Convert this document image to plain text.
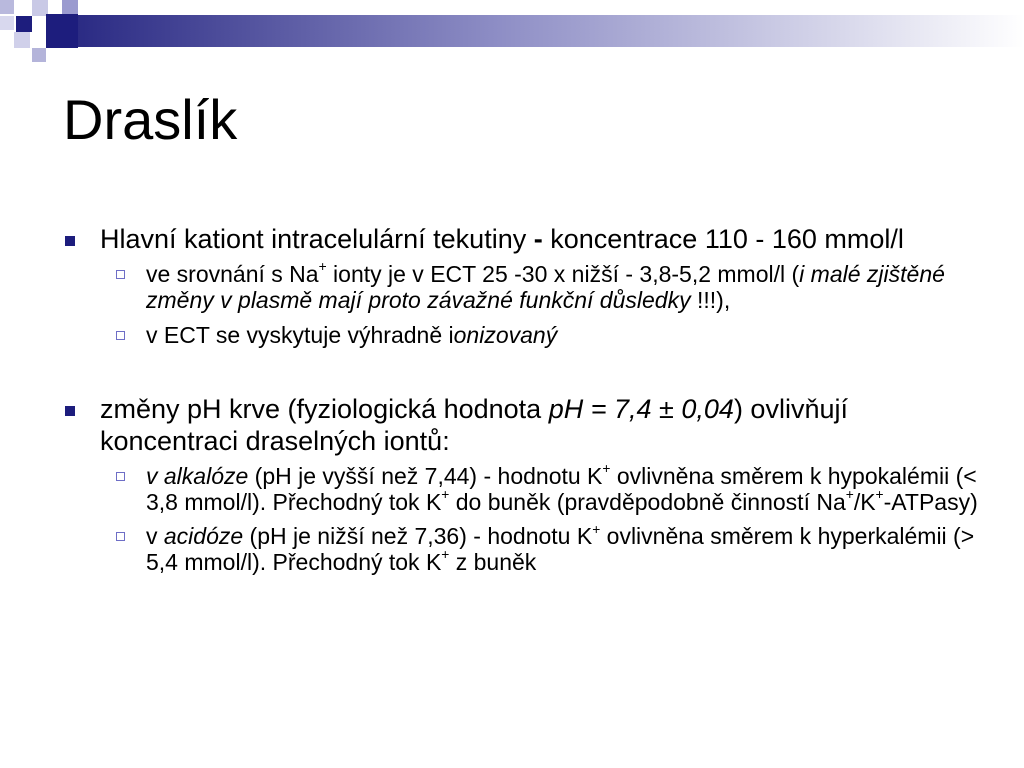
Draslík
Hlavní kationt intracelulární tekutiny - koncentrace 110 - 160 mmol/l
ve srovnání s Na+ ionty je v ECT 25 -30 x nižší - 3,8-5,2 mmol/l (i malé zjištěné změny v plasmě mají proto závažné funkční důsledky !!!),
v ECT se vyskytuje výhradně ionizovaný
změny pH krve (fyziologická hodnota pH = 7,4 ± 0,04) ovlivňují koncentraci draselných iontů:
v alkalóze (pH je vyšší než 7,44) - hodnotu K+ ovlivněna směrem k hypokalémii (< 3,8 mmol/l). Přechodný tok K+ do buněk (pravděpodobně činností Na+/K+-ATPasy)
v acidóze (pH je nižší než 7,36) - hodnotu K+ ovlivněna směrem k hyperkalémii (> 5,4 mmol/l). Přechodný tok K+ z buněk
